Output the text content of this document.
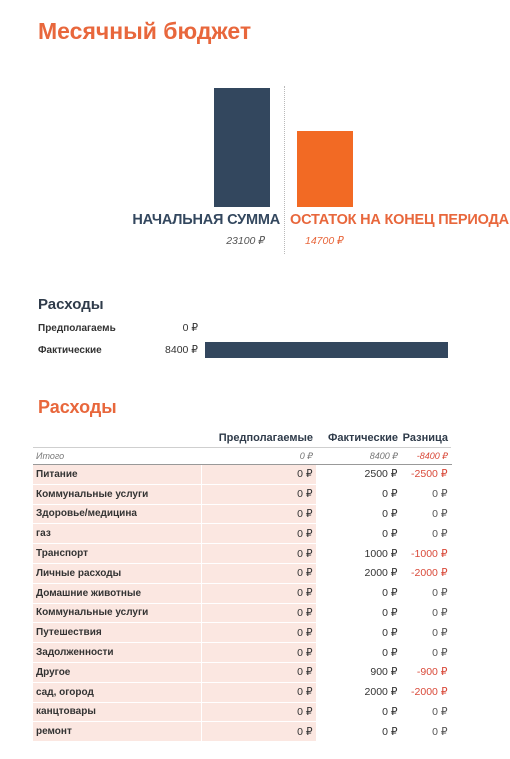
Месячный бюджет
НАЧАЛЬНАЯ СУММА ОСТАТОК НА КОНЕЦ ПЕРИОДА
23100 ₽	14700 ₽
Расходы
Предполагаемь	0 ₽
Фактические	8400 ₽
Расходы
	Предполагаемые	Фактические	Разница
Итого	0 ₽	8400 ₽	-8400 ₽
Питание	0 ₽	2500 ₽	-2500 ₽
Коммунальные услуги	0 ₽	0 ₽	0 ₽
Здоровье/медицина	0 ₽	0 ₽	0 ₽
газ	0 ₽	0 ₽	0 ₽
Транспорт	0 ₽	1000 ₽	-1000 ₽
Личные расходы	0 ₽	2000 ₽	-2000 ₽
Домашние животные	0 ₽	0 ₽	0 ₽
Коммунальные услуги	0 ₽	0 ₽	0 ₽
Путешествия	0 ₽	0 ₽	0 ₽
Задолженности	0 ₽	0 ₽	0 ₽
Другое	0 ₽	900 ₽	-900 ₽
сад, огород	0 ₽	2000 ₽	-2000 ₽
канцтовары	0 ₽	0 ₽	0 ₽
ремонт	0 ₽	0 ₽	0 ₽
